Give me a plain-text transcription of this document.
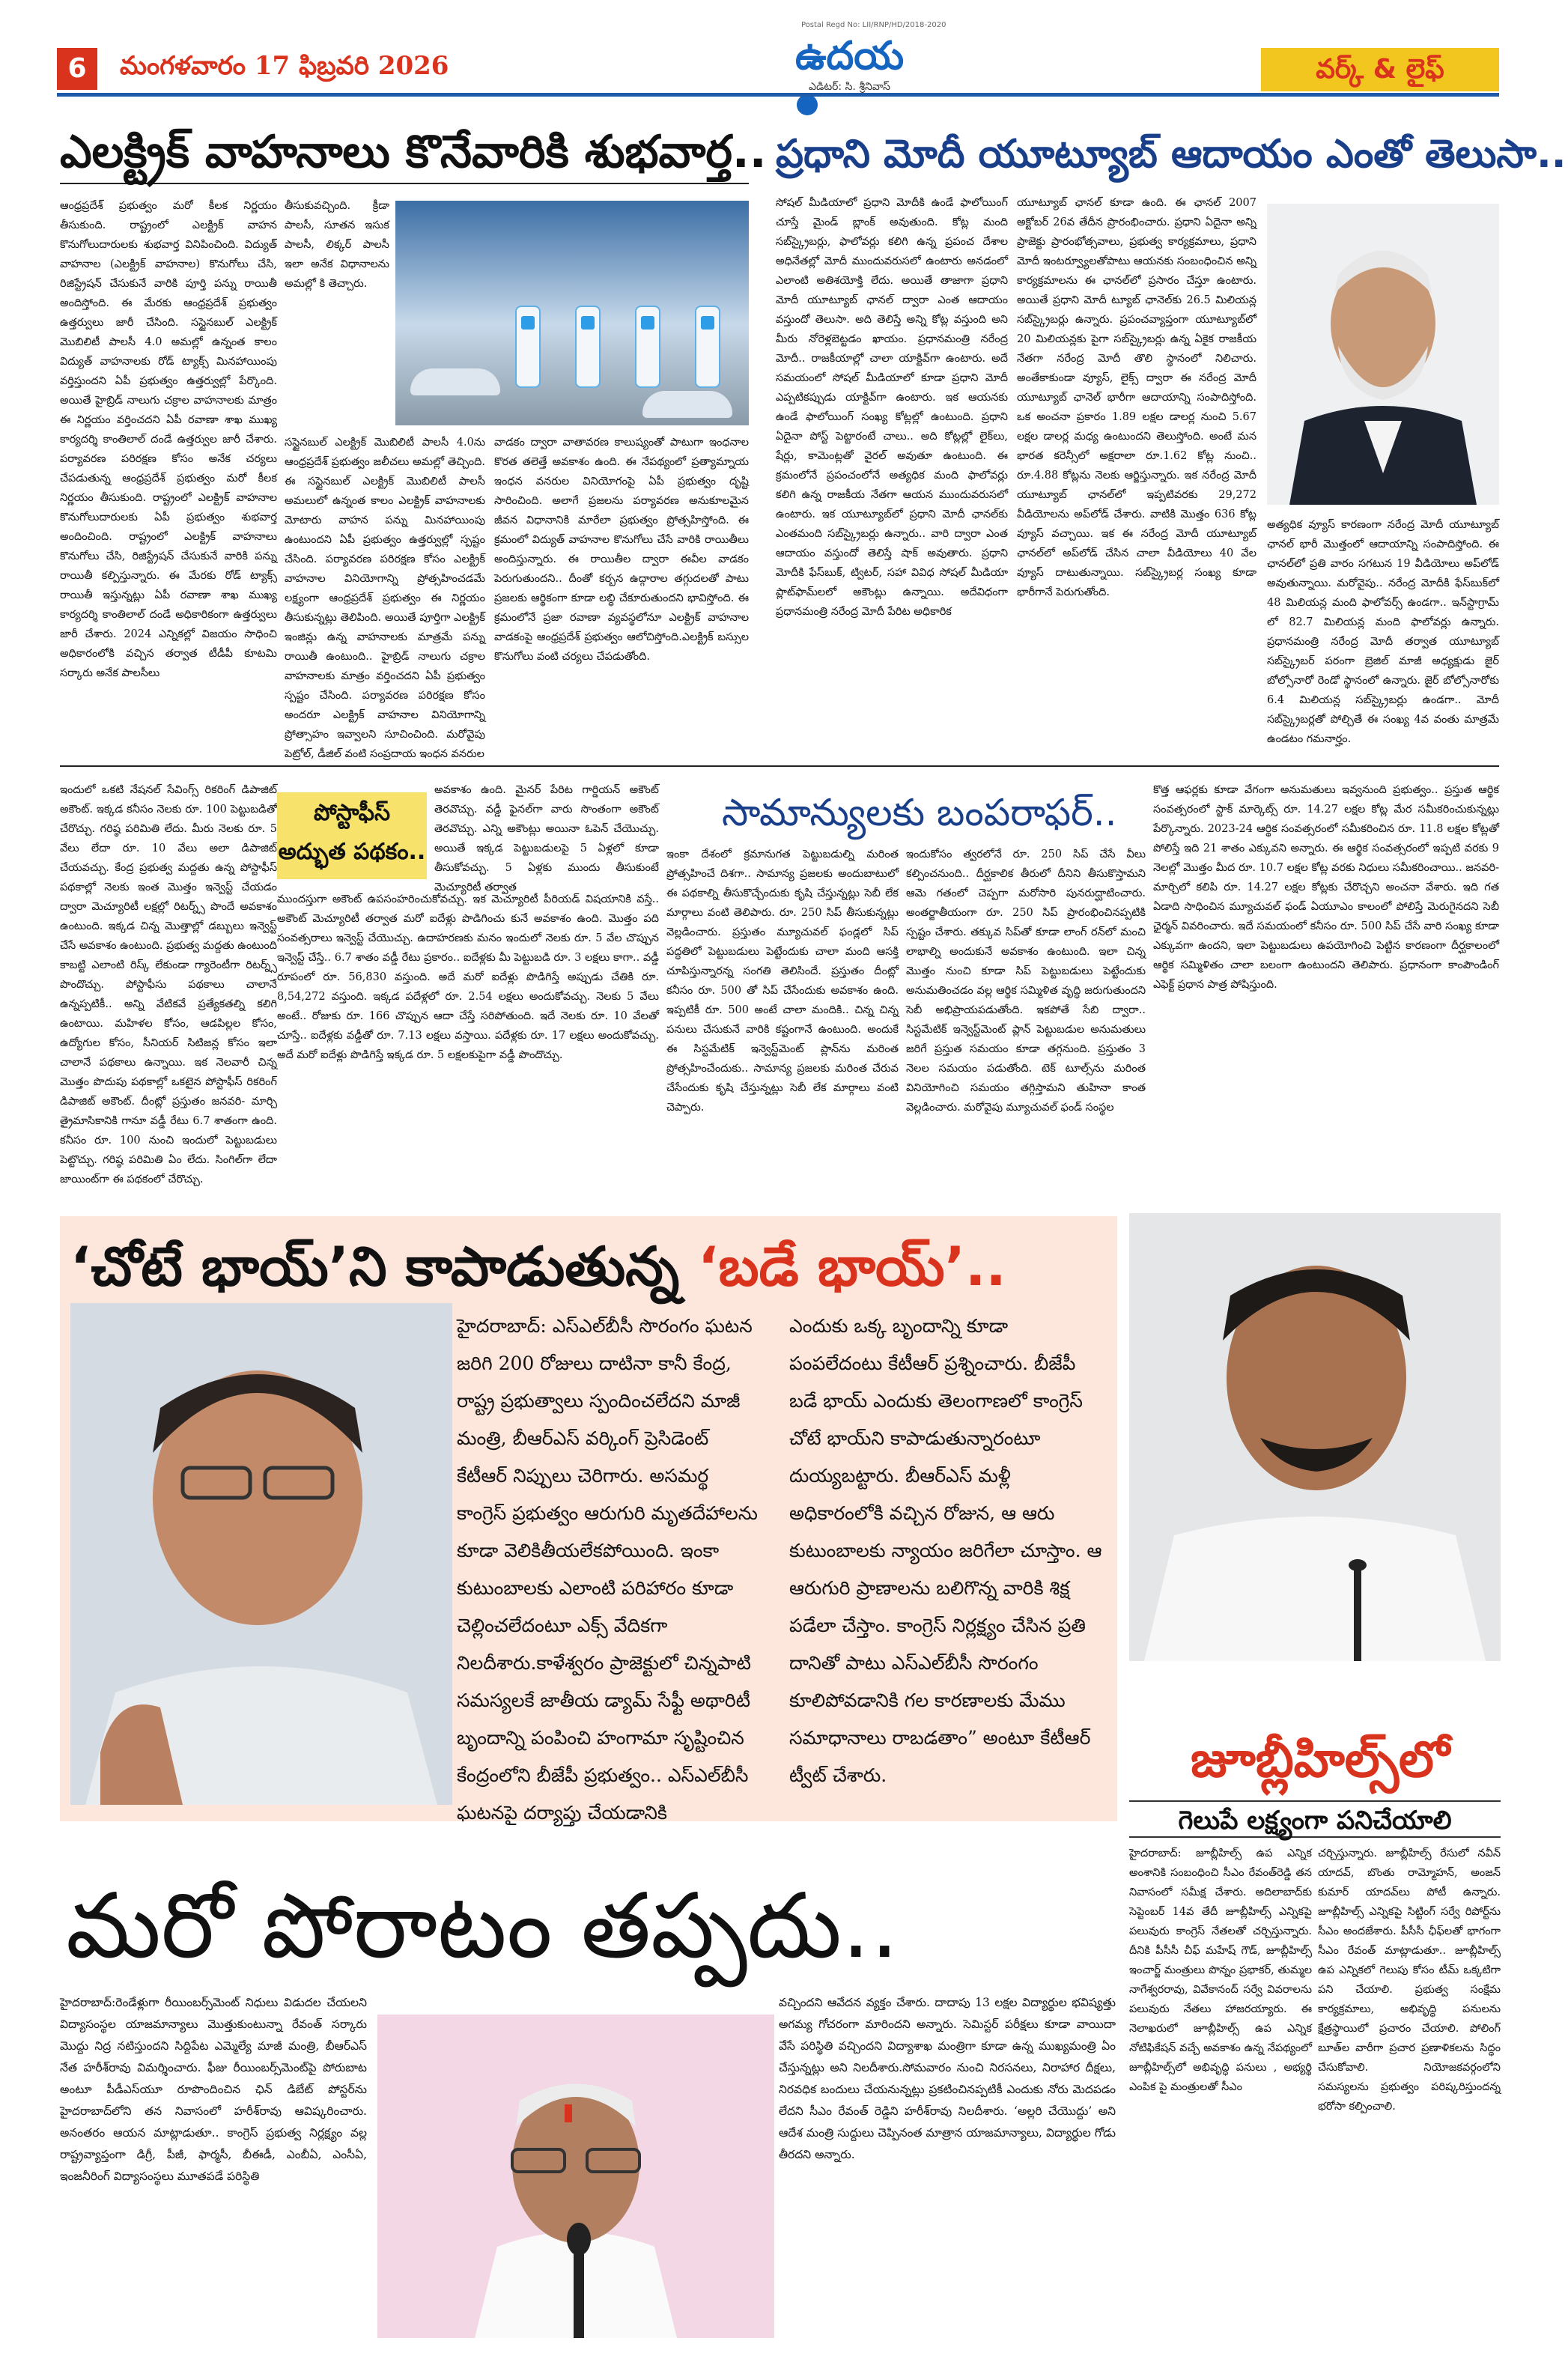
6	మంగళవారం 17 ఫిబ్రవరి 2026
Postal Regd No: LII/RNP/HD/2018-2020
ఉదయ
ఎడిటర్: సి. శ్రీనివాస్
వర్క్ & లైఫ్
ఎలక్ట్రిక్ వాహనాలు కొనేవారికి శుభవార్త..
ఆంధ్రప్రదేశ్ ప్రభుత్వం మరో కీలక నిర్ణయం తీసుకుంది. రాష్ట్రంలో ఎలక్ట్రిక్ వాహన కొనుగోలుదారులకు శుభవార్త వినిపించింది. విద్యుత్ వాహనాల (ఎలక్ట్రిక్ వాహనాల) కొనుగోలు చేసి, రిజిస్ట్రేషన్ చేసుకునే వారికి పూర్తి పన్ను రాయితీ అందిస్తోంది. ఈ మేరకు ఆంధ్రప్రదేశ్ ప్రభుత్వం ఉత్తర్వులు జారీ చేసింది. సస్టైనబుల్ ఎలక్ట్రిక్ మొబిలిటీ పాలసీ 4.0 అమల్లో ఉన్నంత కాలం విద్యుత్ వాహనాలకు రోడ్ ట్యాక్స్ మినహాయింపు వర్తిస్తుందని ఏపీ ప్రభుత్వం ఉత్తర్వుల్లో పేర్కొంది. అయితే హైబ్రిడ్ నాలుగు చక్రాల వాహనాలకు మాత్రం ఈ నిర్ణయం వర్తించదని ఏపీ రవాణా శాఖ ముఖ్య కార్యదర్శి కాంతిలాల్ దండే ఉత్తర్వుల జారీ చేశారు. పర్యావరణ పరిరక్షణ కోసం అనేక చర్యలు చేపడుతున్న ఆంధ్రప్రదేశ్ ప్రభుత్వం మరో కీలక నిర్ణయం తీసుకుంది. రాష్ట్రంలో ఎలక్ట్రిక్ వాహనాల కొనుగోలుదారులకు ఏపీ ప్రభుత్వం శుభవార్త అందించింది. రాష్ట్రంలో ఎలక్ట్రిక్ వాహనాలు కొనుగోలు చేసి, రిజిస్ట్రేషన్ చేసుకునే వారికి పన్ను రాయితీ కల్పిస్తున్నారు. ఈ మేరకు రోడ్ ట్యాక్స్ రాయితీ ఇస్తున్నట్లు ఏపీ రవాణా శాఖ ముఖ్య కార్యదర్శి కాంతిలాల్ దండే అధికారికంగా ఉత్తర్వులు జారీ చేశారు. 2024 ఎన్నికల్లో విజయం సాధించి అధికారంలోకి వచ్చిన తర్వాత టీడీపీ కూటమి సర్కారు అనేక పాలసీలు
తీసుకువచ్చింది. క్రీడా పాలసీ, సూతన ఇసుక పాలసీ, లిక్కర్ పాలసీ ఇలా అనేక విధానాలను అమల్లో కి తెచ్చారు.
సస్టైనబుల్ ఎలక్ట్రిక్ మొబిలిటీ పాలసీ 4.0ను ఆంధ్రప్రదేశ్ ప్రభుత్వం జలీచలు అమల్లో తెచ్చింది. ఈ సస్టైనబుల్ ఎలక్ట్రిక్ మొబిలిటీ పాలసీ అమలులో ఉన్నంత కాలం ఎలక్ట్రిక్ వాహనాలకు మోటారు వాహన పన్ను మినహాయింపు ఉంటుందని ఏపీ ప్రభుత్వం ఉత్తర్వుల్లో స్పష్టం చేసింది. పర్యావరణ పరిరక్షణ కోసం ఎలక్ట్రిక్ వాహనాల వినియోగాన్ని ప్రోత్సహించడమే లక్ష్యంగా ఆంధ్రప్రదేశ్ ప్రభుత్వం ఈ నిర్ణయం తీసుకున్నట్లు తెలిపింది. అయితే పూర్తిగా ఎలక్ట్రిక్ ఇంజిన్లు ఉన్న వాహనాలకు మాత్రమే పన్ను రాయితీ ఉంటుంది.. హైబ్రిడ్ నాలుగు చక్రాల వాహనాలకు మాత్రం వర్తించదని ఏపీ ప్రభుత్వం స్పష్టం చేసింది. పర్యావరణ పరిరక్షణ కోసం అందరూ ఎలక్ట్రిక్ వాహనాల వినియోగాన్ని ప్రోత్సాహం ఇవ్వాలని సూచించింది. మరోవైపు పెట్రోల్, డీజిల్ వంటి సంప్రదాయ ఇంధన వనరుల
వాడకం ద్వారా వాతావరణ కాలుష్యంతో పాటుగా ఇంధనాల కొరత తలెత్తే అవకాశం ఉంది. ఈ నేపథ్యంలో ప్రత్యామ్నాయ ఇంధన వనరుల వినియోగంపై ఏపీ ప్రభుత్వం దృష్టి సారించింది. అలాగే ప్రజలను పర్యావరణ అనుకూలమైన జీవన విధానానికి మారేలా ప్రభుత్వం ప్రోత్సహిస్తోంది. ఈ క్రమంలో విద్యుత్ వాహనాల కొనుగోలు చేసే వారికి రాయితీలు అందిస్తున్నారు. ఈ రాయితీల ద్వారా ఈవీల వాడకం పెరుగుతుందని.. దీంతో కర్బన ఉద్గారాల తగ్గుదలతో పాటు ప్రజలకు ఆర్థికంగా కూడా లబ్ధి చేకూరుతుందని భావిస్తోంది. ఈ క్రమంలోనే ప్రజా రవాణా వ్యవస్థలోనూ ఎలక్ట్రిక్ వాహనాల వాడకంపై ఆంధ్రప్రదేశ్ ప్రభుత్వం ఆలోచిస్తోంది.ఎలక్ట్రిక్ బస్సుల కొనుగోలు వంటి చర్యలు చేపడుతోంది.
ప్రధాని మోదీ యూట్యూబ్ ఆదాయం ఎంతో తెలుసా..
సోషల్ మీడియాలో ప్రధాని మోదీకి ఉండే ఫాలోయింగ్ చూస్తే మైండ్ బ్లాంక్ అవుతుంది. కోట్ల మంది సబ్‌స్క్రైబర్లు, ఫాలోవర్లు కలిగి ఉన్న ప్రపంచ దేశాల అధినేతల్లో మోదీ ముందువరుసలో ఉంటారు అనడంలో ఎలాంటి అతిశయోక్తి లేదు. అయితే తాజాగా ప్రధాని మోదీ యూట్యూబ్ ఛానల్ ద్వారా ఎంత ఆదాయం వస్తుందో తెలుసా. అది తెలిస్తే అన్ని కోట్ల వస్తుంది అని మీరు నోరెళ్లబెట్టడం ఖాయం. ప్రధానమంత్రి నరేంద్ర మోదీ.. రాజకీయాల్లో చాలా యాక్టివ్‌గా ఉంటారు. అదే సమయంలో సోషల్ మీడియాలో కూడా ప్రధాని మోదీ ఎప్పటికప్పుడు యాక్టివ్‌గా ఉంటారు. ఇక ఆయనకు ఉండే ఫాలోయింగ్ సంఖ్య కోట్లల్లో ఉంటుంది. ప్రధాని ఏదైనా పోస్ట్ పెట్టారంటే చాలు.. అది కోట్లల్లో లైక్‌లు, షేర్లు, కామెంట్లతో వైరల్ అవుతూ ఉంటుంది. ఈ క్రమంలోనే ప్రపంచంలోనే అత్యధిక మంది ఫాలోవర్లు కలిగి ఉన్న రాజకీయ నేతగా ఆయన ముందువరుసలో ఉంటారు. ఇక యూట్యూబ్‌లో ప్రధాని మోదీ ఛానల్‌కు ఎంతమంది సబ్‌స్క్రైబర్లు ఉన్నారు.. వారి ద్వారా ఎంత ఆదాయం వస్తుందో తెలిస్తే షాక్ అవుతారు. ప్రధాని మోదీకి ఫేస్‌బుక్, ట్విటర్, సహా వివిధ సోషల్ మీడియా ప్లాట్‌ఫామ్‌లలో అకౌంట్లు ఉన్నాయి. అదేవిధంగా ప్రధానమంత్రి నరేంద్ర మోదీ పేరిట అధికారిక
యూట్యూబ్ ఛానల్ కూడా ఉంది. ఈ ఛానల్‌ 2007 అక్టోబర్‌ 26వ తేదీన ప్రారంభించారు. ప్రధాని ఏదైనా అన్ని ప్రాజెక్టు ప్రారంభోత్సవాలు, ప్రభుత్వ కార్యక్రమాలు, ప్రధాని మోదీ ఇంటర్వ్యూలతోపాటు ఆయనకు సంబంధించిన అన్ని కార్యక్రమాలను ఈ ఛానల్‌లో ప్రసారం చేస్తూ ఉంటారు. అయితే ప్రధాని మోదీ ట్యూబ్ ఛానెల్‌కు 26.5 మిలియన్ల సబ్‌స్క్రైబర్లు ఉన్నారు. ప్రపంచవ్యాప్తంగా యూట్యూబ్‌లో 20 మిలియన్లకు పైగా సబ్‌స్క్రైబర్లు ఉన్న ఏకైక రాజకీయ నేతగా నరేంద్ర మోదీ తొలి స్థానంలో నిలిచారు. అంతేకాకుండా వ్యూస్, లైక్స్ ద్వారా ఈ నరేంద్ర మోదీ యూట్యూబ్ ఛానెల్ భారీగా ఆదాయాన్ని సంపాదిస్తోంది. ఒక అంచనా ప్రకారం 1.89 లక్షల డాలర్ల నుంచి 5.67 లక్షల డాలర్ల మధ్య ఉంటుందని తెలుస్తోంది. అంటే మన భారత కరెన్సీలో అక్షరాలా రూ.1.62 కోట్ల నుంచి.. రూ.4.88 కోట్లను నెలకు ఆర్జిస్తున్నారు. ఇక నరేంద్ర మోదీ యూట్యూబ్ ఛానల్‌లో ఇప్పటివరకు 29,272 వీడియోలను అప్‌లోడ్ చేశారు. వాటికి మొత్తం 636 కోట్ల వ్యూస్ వచ్చాయి. ఇక ఈ నరేంద్ర మోదీ యూట్యూబ్ ఛానల్‌లో అప్‌లోడ్ చేసిన చాలా వీడియోలు 40 వేల వ్యూస్ దాటుతున్నాయి. సబ్‌స్క్రైబర్ల సంఖ్య కూడా భారీగానే పెరుగుతోంది.
అత్యధిక వ్యూస్ కారణంగా నరేంద్ర మోదీ యూట్యూబ్ ఛానల్ భారీ మొత్తంలో ఆదాయాన్ని సంపాదిస్తోంది. ఈ ఛానల్‌లో ప్రతి వారం సగటున 19 వీడియోలు అప్‌లోడ్ అవుతున్నాయి. మరోవైపు.. నరేంద్ర మోదీకి ఫేస్‌బుక్‌లో 48 మిలియన్ల మంది ఫాలోవర్స్ ఉండగా.. ఇన్‌స్టాగ్రామ్ లో 82.7 మిలియన్ల మంది ఫాలోవర్లు ఉన్నారు. ప్రధానమంత్రి నరేంద్ర మోదీ తర్వాత యూట్యూబ్ సబ్‌స్క్రైబర్ పరంగా బ్రెజిల్ మాజీ అధ్యక్షుడు జైర్ బోల్సోనారో రెండో స్థానంలో ఉన్నారు. జైర్ బోల్సోనారోకు 6.4 మిలియన్ల సబ్‌స్క్రైబర్లు ఉండగా.. మోదీ సబ్‌స్క్రైబర్లతో పోల్చితే ఈ సంఖ్య 4వ వంతు మాత్రమే ఉండటం గమనార్హం.
ఇందులో ఒకటి నేషనల్ సేవింగ్స్ రికరింగ్ డిపాజిట్ అకౌంట్. ఇక్కడ కనీసం నెలకు రూ. 100 పెట్టుబడితో చేరొచ్చు. గరిష్ఠ పరిమితి లేదు. మీరు నెలకు రూ. 5 వేలు లేదా రూ. 10 వేలు అలా డిపాజిట్ చేయవచ్చు. కేంద్ర ప్రభుత్వ మద్దతు ఉన్న పోస్టాఫీస్ పథకాల్లో నెలకు ఇంత మొత్తం ఇన్వెస్ట్ చేయడం ద్వారా మెచ్యూరిటీ లక్షల్లో రిటర్న్స్ పొందే అవకాశం ఉంటుంది. ఇక్కడ చిన్న మొత్తాల్లో డబ్బులు ఇన్వెస్ట్ చేసే అవకాశం ఉంటుంది. ప్రభుత్వ మద్దతు ఉంటుంది కాబట్టి ఎలాంటి రిస్క్ లేకుండా గ్యారెంటీగా రిటర్న్స్ పొందొచ్చు. పోస్టాఫీసు పథకాలు చాలానే ఉన్నప్పటికీ.. అన్ని వేటికవే ప్రత్యేకతల్ని కలిగి ఉంటాయి. మహిళల కోసం, ఆడపిల్లల కోసం, ఉద్యోగుల కోసం, సీనియర్ సిటిజన్ల కోసం ఇలా చాలానే పథకాలు ఉన్నాయి. ఇక నెలవారీ చిన్న మొత్తం పొదుపు పథకాల్లో ఒకటైన పోస్టాఫీస్ రికరింగ్ డిపాజిట్ అకౌంట్. దీంట్లో ప్రస్తుతం జనవరి- మార్చి త్రైమాసికానికి గానూ వడ్డీ రేటు 6.7 శాతంగా ఉంది. కనీసం రూ. 100 నుంచి ఇందులో పెట్టుబడులు పెట్టొచ్చు. గరిష్ఠ పరిమితి ఏం లేదు. సింగిల్‌గా లేదా జాయింట్‌గా ఈ పథకంలో చేరొచ్చు.
పోస్టాఫీస్
అద్భుత పథకం..
అవకాశం ఉంది. మైనర్ పేరిట గార్డియన్ అకౌంట్ తెరవొచ్చు. వడ్డీ ఫైనల్‌గా వారు సొంతంగా అకౌంట్ తెరవొచ్చు. ఎన్ని అకౌంట్లు అయినా ఓపెన్ చేయొచ్చు. అయితే ఇక్కడ పెట్టుబడులపై 5 ఏళ్లలో కూడా తీసుకోవచ్చు. 5 ఏళ్లకు ముందు తీసుకుంటే మెచ్యూరిటీ తర్వాత
ముందస్తుగా అకౌంట్ ఉపసంహరించుకోవచ్చు. ఇక మెచ్యూరిటీ పీరియడ్ విషయానికి వస్తే.. అకౌంట్ మెచ్యూరిటీ తర్వాత మరో ఐదేళ్లు పొడిగించు కునే అవకాశం ఉంది. మొత్తం పది సంవత్సరాలు ఇన్వెస్ట్ చేయొచ్చు. ఉదాహరణకు మనం ఇందులో నెలకు రూ. 5 వేల చొప్పున ఇన్వెస్ట్ చేస్తే.. 6.7 శాతం వడ్డీ రేటు ప్రకారం.. ఐదేళ్లకు మీ పెట్టుబడి రూ. 3 లక్షలు కాగా.. వడ్డీ రూపంలో రూ. 56,830 వస్తుంది. అదే మరో ఐదేళ్లు పొడిగిస్తే అప్పుడు చేతికి రూ. 8,54,272 వస్తుంది. ఇక్కడ పదేళ్లలో రూ. 2.54 లక్షలు అందుకోవచ్చు. నెలకు 5 వేలు అంటే.. రోజుకు రూ. 166 చొప్పున ఆదా చేస్తే సరిపోతుంది. ఇదే నెలకు రూ. 10 వేలతో చూస్తే.. ఐదేళ్లకు వడ్డీతో రూ. 7.13 లక్షలు వస్తాయి. పదేళ్లకు రూ. 17 లక్షలు అందుకోవచ్చు. అదే మరో ఐదేళ్లు పొడిగిస్తే ఇక్కడ రూ. 5 లక్షలకుపైగా వడ్డీ పొందొచ్చు.
సామాన్యులకు బంపరాఫర్..
ఇంకా దేశంలో క్రమానుగత పెట్టుబడుల్ని మరింత ప్రోత్సహించే దిశగా.. సామాన్య ప్రజలకు అందుబాటులో ఈ పథకాల్ని తీసుకొచ్చేందుకు కృషి చేస్తున్నట్లు సెబీ లేక మార్గాలు వంటి తెలిపారు. రూ. 250 సిప్ తీసుకున్నట్లు వెల్లడించారు. ప్రస్తుతం మ్యూచువల్ ఫండ్లలో సిప్ పద్ధతిలో పెట్టుబడులు పెట్టేందుకు చాలా మంది ఆసక్తి చూపిస్తున్నారన్న సంగతి తెలిసిందే. ప్రస్తుతం దీంట్లో కనీసం రూ. 500 తో సిప్ చేసేందుకు అవకాశం ఉంది. ఇప్పటికీ రూ. 500 అంటే చాలా మందికి.. చిన్న చిన్న పనులు చేసుకునే వారికి కష్టంగానే ఉంటుంది. అందుకే ఈ సిస్టమేటిక్ ఇన్వెస్ట్‌మెంట్ ప్లాన్‌ను మరింత ప్రోత్సహించేందుకు.. సామాన్య ప్రజలకు మరింత చేరువ చేసేందుకు కృషి చేస్తున్నట్లు సెబీ లేక మార్గాలు వంటి చెప్పారు.
ఇందుకోసం త్వరలోనే రూ. 250 సిప్ చేసే వీలు కల్పించనుంది.. దీర్ఘకాలిక తీరులో దీనిని తీసుకొస్తామని ఆమె గతంలో చెప్పగా మరోసారి పునరుద్ఘాటించారు. అంతర్జాతీయంగా రూ. 250 సిప్ ప్రారంభించినప్పటికి స్పష్టం చేశారు. తక్కువ సిప్‌తో కూడా లాంగ్ రన్‌లో మంచి లాభాల్ని అందుకునే అవకాశం ఉంటుంది. ఇలా చిన్న మొత్తం నుంచి కూడా సిప్ పెట్టుబడులు పెట్టేందుకు అనుమతించడం వల్ల ఆర్థిక సమ్మిళిత వృద్ధి జరుగుతుందని సెబీ అభిప్రాయపడుతోంది. ఇకపోతే సేబి ద్వారా.. సిస్టమేటిక్ ఇన్వెస్ట్‌మెంట్ ప్లాన్ పెట్టుబడుల అనుమతులు జరిగే ప్రస్తుత సమయం కూడా తగ్గనుంది. ప్రస్తుతం 3 నెలల సమయం పడుతోంది. టెక్ టూల్స్‌ను మరింత వినియోగించి సమయం తగ్గిస్తామని తుహినా కాంత వెల్లడించారు. మరోవైపు మ్యూచువల్ ఫండ్ సంస్థల
కొత్త ఆఫర్లకు కూడా వేగంగా అనుమతులు ఇవ్వనుంది ప్రభుత్వం.. ప్రస్తుత ఆర్థిక సంవత్సరంలో స్టాక్ మార్కెట్స్ రూ. 14.27 లక్షల కోట్ల మేర సమీకరించుకున్నట్లు పేర్కొన్నారు. 2023-24 ఆర్థిక సంవత్సరంలో సమీకరించిన రూ. 11.8 లక్షల కోట్లతో పోలిస్తే ఇది 21 శాతం ఎక్కువని అన్నారు. ఈ ఆర్థిక సంవత్సరంలో ఇప్పటి వరకు 9 నెలల్లో మొత్తం మీద రూ. 10.7 లక్షల కోట్ల వరకు నిధులు సమీకరించాయి.. జనవరి- మార్చిలో కలిపి రూ. 14.27 లక్షల కోట్లకు చేరొచ్చని అంచనా వేశారు. ఇది గత ఏడాది సాధించిన మ్యూచువల్ ఫండ్ ఏయూఎం కాలంలో పోలిస్తే మెరుగైనదని సెబీ ఛైర్మన్ వివరించారు. ఇదే సమయంలో కనీసం రూ. 500 సిప్ చేసే వారి సంఖ్య కూడా ఎక్కువగా ఉందని, ఇలా పెట్టుబడులు ఉపయోగించి పెట్టిన కారణంగా దీర్ఘకాలంలో ఆర్థిక సమ్మిళితం చాలా బలంగా ఉంటుందని తెలిపారు. ప్రధానంగా కాంపౌండింగ్ ఎఫెక్ట్ ప్రధాన పాత్ర పోషిస్తుంది.
‘చోటే భాయ్’ని కాపాడుతున్న ‘బడే భాయ్’..
హైదరాబాద్: ఎస్ఎల్‌బీసీ సొరంగం ఘటన జరిగి 200 రోజులు దాటినా కానీ కేంద్ర, రాష్ట్ర ప్రభుత్వాలు స్పందించలేదని మాజీ మంత్రి, బీఆర్ఎస్ వర్కింగ్ ప్రెసిడెంట్ కేటీఆర్ నిప్పులు చెరిగారు. అసమర్థ కాంగ్రెస్ ప్రభుత్వం ఆరుగురి మృతదేహాలను కూడా వెలికితీయలేకపోయింది. ఇంకా కుటుంబాలకు ఎలాంటి పరిహారం కూడా చెల్లించలేదంటూ ఎక్స్ వేదికగా నిలదీశారు.కాళేశ్వరం ప్రాజెక్టులో చిన్నపాటి సమస్యలకే జాతీయ డ్యామ్ సేఫ్టీ అథారిటీ బృందాన్ని పంపించి హంగామా సృష్టించిన కేంద్రంలోని బీజేపీ ప్రభుత్వం.. ఎస్ఎల్‌బీసీ ఘటనపై దర్యాప్తు చేయడానికి
ఎందుకు ఒక్క బృందాన్ని కూడా పంపలేదంటు కేటీఆర్ ప్రశ్నించారు. బీజేపీ బడే భాయ్ ఎందుకు తెలంగాణలో కాంగ్రెస్ చోటే భాయ్‌ని కాపాడుతున్నారంటూ దుయ్యబట్టారు. బీఆర్ఎస్ మళ్లీ అధికారంలోకి వచ్చిన రోజున, ఆ ఆరు కుటుంబాలకు న్యాయం జరిగేలా చూస్తాం. ఆ ఆరుగురి ప్రాణాలను బలిగొన్న వారికి శిక్ష పడేలా చేస్తాం. కాంగ్రెస్ నిర్లక్ష్యం చేసిన ప్రతి దానితో పాటు ఎస్ఎల్‌బీసీ సొరంగం కూలిపోవడానికి గల కారణాలకు మేము సమాధానాలు రాబడతాం” అంటూ కేటీఆర్ ట్వీట్ చేశారు.	జూబ్లీహిల్స్‌లో
గెలుపే లక్ష్యంగా పనిచేయాలి
హైదరాబాద్: జూబ్లీహిల్స్ ఉప ఎన్నిక అంశానికి సంబంధించి సీఎం రేవంత్‌రెడ్డి తన నివాసంలో సమీక్ష చేశారు. అదిలాబాద్‌కు సెప్టెంబర్ 14వ తేదీ జూబ్లీహిల్స్ ఎన్నికపై పలువురు కాంగ్రెస్ నేతలతో చర్చిస్తున్నారు. దీనికి పీసీసీ చీఫ్ మహేష్ గౌడ్, జూబ్లీహిల్స్ ఇంచార్జ్ మంత్రులు పొన్నం ప్రభాకర్, తుమ్మల నాగేశ్వరరావు, వివేకానంద్ సర్వే వివరాలను పలువురు నేతలు హాజరయ్యారు. ఈ నెలాఖరులో జూబ్లీహిల్స్ ఉప ఎన్నిక నోటిఫికేషన్ వచ్చే అవకాశం ఉన్న నేపథ్యంలో జూబ్లీహిల్స్‌లో అభివృద్ధి పనులు , అభ్యర్థి ఎంపిక పై మంత్రులతో సీఎం
చర్చిస్తున్నారు. జూబ్లీహిల్స్ రేసులో నవీన్ యాదవ్, బొంతు రామ్మోహన్, అంజన్ కుమార్ యాదవ్‌లు పోటీ ఉన్నారు. జూబ్లీహిల్స్ ఎన్నికపై సిట్టింగ్ సర్వే రిపోర్ట్‌ను సీఎం అందజేశారు. పీసీసీ ఛీఫ్‌లతో భాగంగా సీఎం రేవంత్ మాట్లాడుతూ.. జూబ్లీహిల్స్ ఉప ఎన్నికలో గెలుపు కోసం టీమ్ ఒక్కటిగా పని చేయాలి. ప్రభుత్వ సంక్షేమ కార్యక్రమాలు, అభివృద్ధి పనులను క్షేత్రస్థాయిలో ప్రచారం చేయాలి. పోలింగ్ బూత్‌ల వారీగా ప్రచార ప్రణాళికలను సిద్ధం చేసుకోవాలి. నియోజకవర్గంలోని సమస్యలను ప్రభుత్వం పరిష్కరిస్తుందన్న భరోసా కల్పించాలి.
మరో పోరాటం తప్పదు..
హైదరాబాద్:రెండేళ్లుగా రీయింబర్స్‌మెంట్ నిధులు విడుదల చేయలని విద్యాసంస్థల యాజమాన్యాలు మొత్తుకుంటున్నా రేవంత్ సర్కారు మొద్దు నిద్ర నటిస్తుందని సిద్దిపేట ఎమ్మెల్యే మాజీ మంత్రి, బీఆర్ఎస్ నేత హరీశ్‌రావు విమర్శించారు. ఫీజు రీయింబర్స్‌మెంట్‌పై పోరుబాట అంటూ పీడీఎస్‌యూ రూపొందించిన ఛిన్ డిబేట్ పోస్టర్‌ను హైదరాబాద్‌లోని తన నివాసంలో హరీశ్‌రావు ఆవిష్కరించారు. అనంతరం ఆయన మాట్లాడుతూ.. కాంగ్రెస్ ప్రభుత్వ నిర్లక్ష్యం వల్ల రాష్ట్రవ్యాప్తంగా డిగ్రీ, పీజీ, ఫార్మసీ, బీఈడీ, ఎంబీఏ, ఎంసీఏ, ఇంజనీరింగ్ విద్యాసంస్థలు మూతపడే పరిస్థితి
వచ్చిందని ఆవేదన వ్యక్తం చేశారు. దాదాపు 13 లక్షల విద్యార్థుల భవిష్యత్తు అగమ్య గోచరంగా మారిందని అన్నారు. సెమిస్టర్ పరీక్షలు కూడా వాయిదా వేసే పరిస్థితి వచ్చిందని విద్యాశాఖ మంత్రిగా కూడా ఉన్న ముఖ్యమంత్రి ఏం చేస్తున్నట్లు అని నిలదీశారు.సోమవారం నుంచి నిరసనలు, నిరాహార దీక్షలు, నిరవధిక బందులు చేయనున్నట్లు ప్రకటించినప్పటికీ ఎందుకు నోరు మెదపడం లేదని సీఎం రేవంత్ రెడ్డిని హరీశ్‌రావు నిలదీశారు. ‘అల్లరి చేయొద్దు’ అని ఆదేశ మంత్రి సుద్దులు చెప్పినంత మాత్రాన యాజమాన్యాలు, విద్యార్థుల గోడు తీరదని అన్నారు.
